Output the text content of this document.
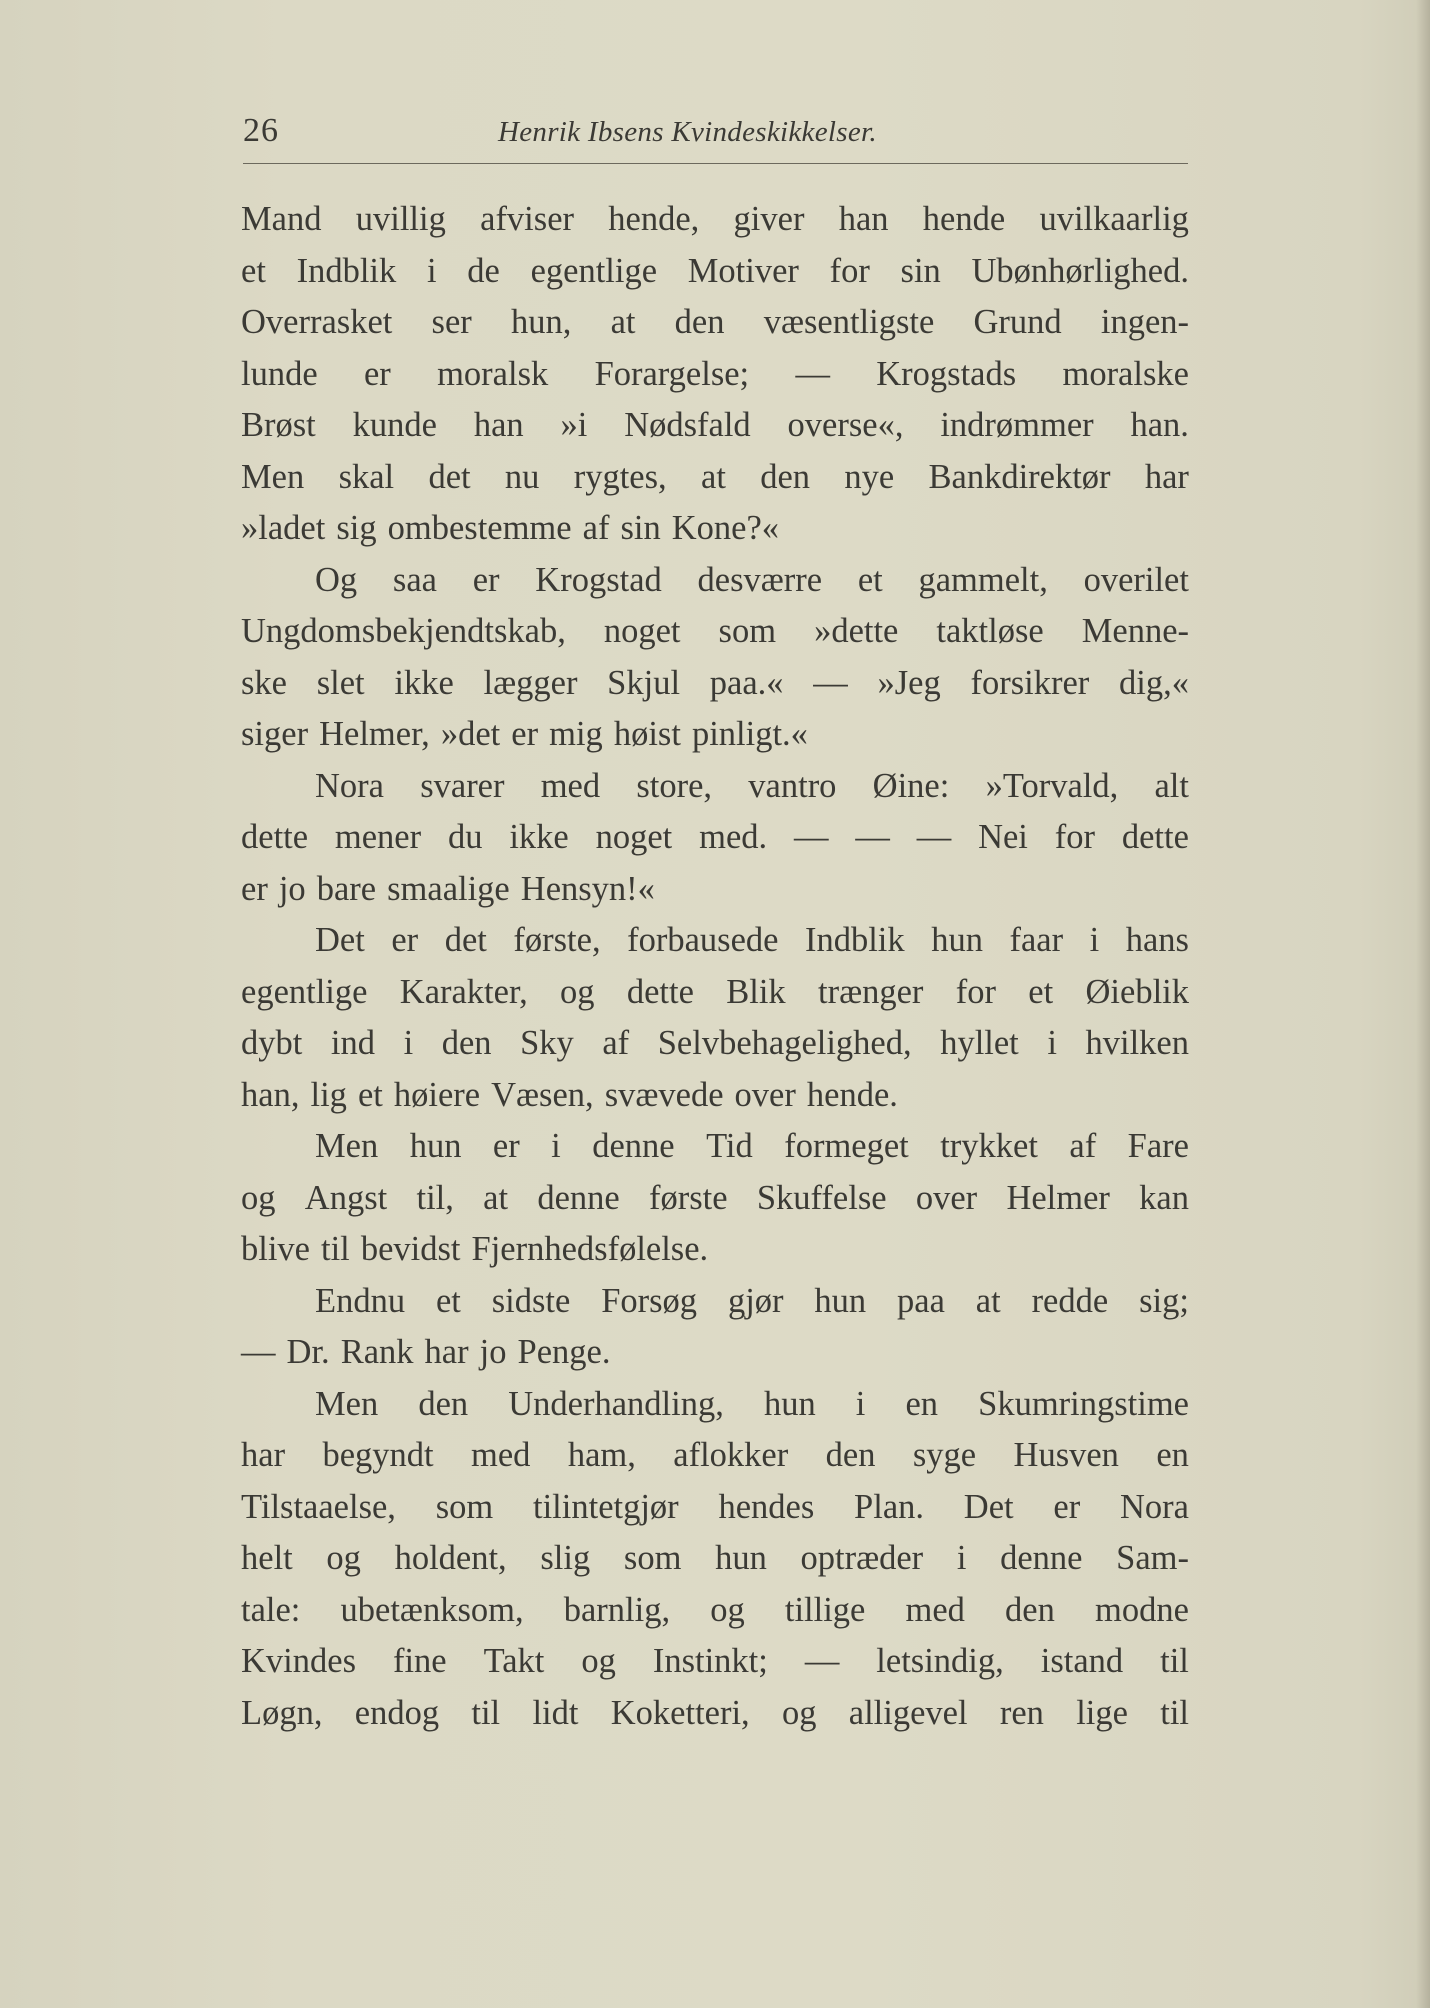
26	Henrik Ibsens Kvindeskikkelser.
Mand uvillig afviser hende, giver han hende uvilkaarlig
et Indblik i de egentlige Motiver for sin Ubønhørlighed.
Overrasket ser hun, at den væsentligste Grund ingen-
lunde er moralsk Forargelse; — Krogstads moralske
Brøst kunde han »i Nødsfald overse«, indrømmer han.
Men skal det nu rygtes, at den nye Bankdirektør har
»ladet sig ombestemme af sin Kone?«
Og saa er Krogstad desværre et gammelt, overilet
Ungdomsbekjendtskab, noget som »dette taktløse Menne-
ske slet ikke lægger Skjul paa.« — »Jeg forsikrer dig,«
siger Helmer, »det er mig høist pinligt.«
Nora svarer med store, vantro Øine: »Torvald, alt
dette mener du ikke noget med. — — — Nei for dette
er jo bare smaalige Hensyn!«
Det er det første, forbausede Indblik hun faar i hans
egentlige Karakter, og dette Blik trænger for et Øieblik
dybt ind i den Sky af Selvbehagelighed, hyllet i hvilken
han, lig et høiere Væsen, svævede over hende.
Men hun er i denne Tid formeget trykket af Fare
og Angst til, at denne første Skuffelse over Helmer kan
blive til bevidst Fjernhedsfølelse.
Endnu et sidste Forsøg gjør hun paa at redde sig;
— Dr. Rank har jo Penge.
Men den Underhandling, hun i en Skumringstime
har begyndt med ham, aflokker den syge Husven en
Tilstaaelse, som tilintetgjør hendes Plan. Det er Nora
helt og holdent, slig som hun optræder i denne Sam-
tale: ubetænksom, barnlig, og tillige med den modne
Kvindes fine Takt og Instinkt; — letsindig, istand til
Løgn, endog til lidt Koketteri, og alligevel ren lige til
